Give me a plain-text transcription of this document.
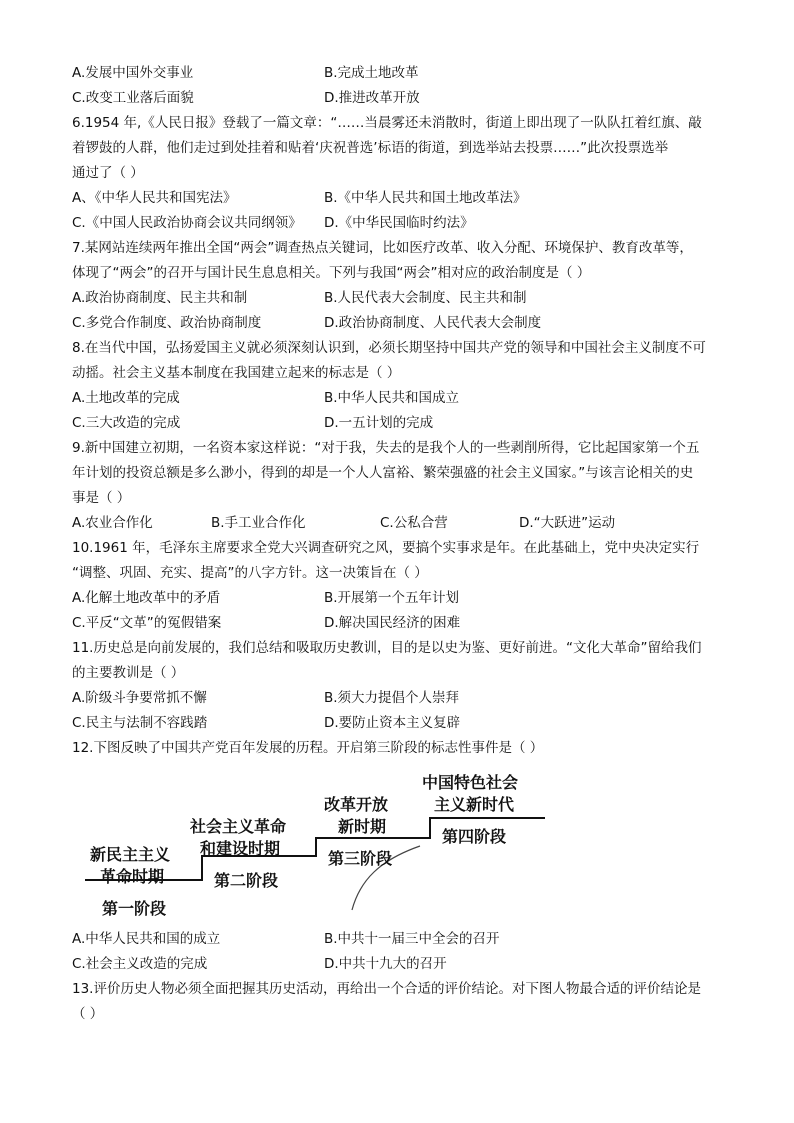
A.发展中国外交事业	B.完成土地改革
C.改变工业落后面貌	D.推进改革开放
6.1954 年,《人民日报》登载了一篇文章：“……当晨雾还未消散时，街道上即出现了一队队扛着红旗、敲
着锣鼓的人群，他们走过到处挂着和贴着‘庆祝普选’标语的街道，到选举站去投票……”此次投票选举
通过了（ ）
A、《中华人民共和国宪法》	B.《中华人民共和国土地改革法》
C.《中国人民政治协商会议共同纲领》 D.《中华民国临时约法》
7.某网站连续两年推出全国“两会”调查热点关键词，比如医疗改革、收入分配、环境保护、教育改革等，
体现了“两会”的召开与国计民生息息相关。下列与我国“两会”相对应的政治制度是（ ）
A.政治协商制度、民主共和制	B.人民代表大会制度、民主共和制
C.多党合作制度、政治协商制度	D.政治协商制度、人民代表大会制度
8.在当代中国，弘扬爱国主义就必须深刻认识到，必须长期坚持中国共产党的领导和中国社会主义制度不可
动摇。社会主义基本制度在我国建立起来的标志是（ ）
A.土地改革的完成	B.中华人民共和国成立
C.三大改造的完成	D.一五计划的完成
9.新中国建立初期，一名资本家这样说：“对于我，失去的是我个人的一些剥削所得，它比起国家第一个五
年计划的投资总额是多么渺小，得到的却是一个人人富裕、繁荣强盛的社会主义国家。”与该言论相关的史
事是（ ）
A.农业合作化	B.手工业合作化	C.公私合营	D.“大跃进”运动
10.1961 年，毛泽东主席要求全党大兴调查研究之风，要搞个实事求是年。在此基础上，党中央决定实行
“调整、巩固、充实、提高”的八字方针。这一决策旨在（ ）
A.化解土地改革中的矛盾	B.开展第一个五年计划
C.平反“文革”的冤假错案	D.解决国民经济的困难
11.历史总是向前发展的，我们总结和吸取历史教训，目的是以史为鉴、更好前进。“文化大革命”留给我们
的主要教训是（ ）
A.阶级斗争要常抓不懈	B.须大力提倡个人崇拜
C.民主与法制不容践踏	D.要防止资本主义复辟
12.下图反映了中国共产党百年发展的历程。开启第三阶段的标志性事件是（ ）
新民主主义
革命时期
社会主义革命
和建设时期
改革开放
新时期
中国特色社会
主义新时代
第一阶段
第二阶段
第三阶段
第四阶段
A.中华人民共和国的成立	B.中共十一届三中全会的召开
C.社会主义改造的完成	D.中共十九大的召开
13.评价历史人物必须全面把握其历史活动，再给出一个合适的评价结论。对下图人物最合适的评价结论是
（ ）
